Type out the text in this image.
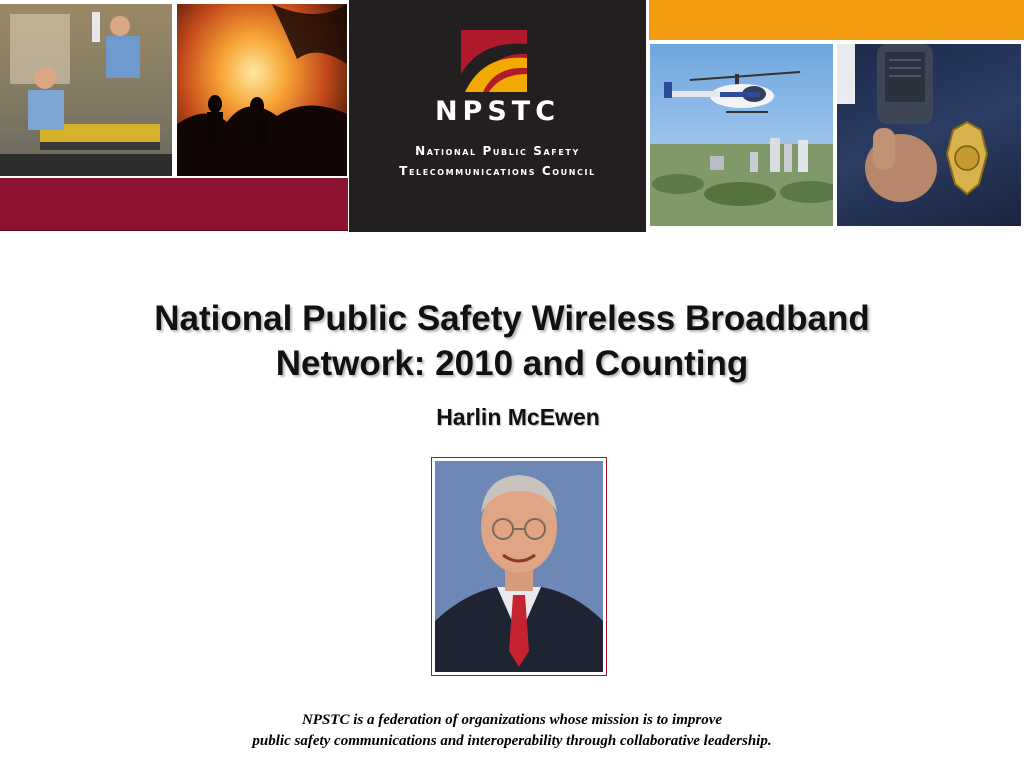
NPSTC
National Public Safety
Telecommunications Council
National Public Safety Wireless Broadband
Network: 2010 and Counting
Harlin McEwen
NPSTC is a federation of organizations whose mission is to improve
public safety communications and interoperability through collaborative leadership.
